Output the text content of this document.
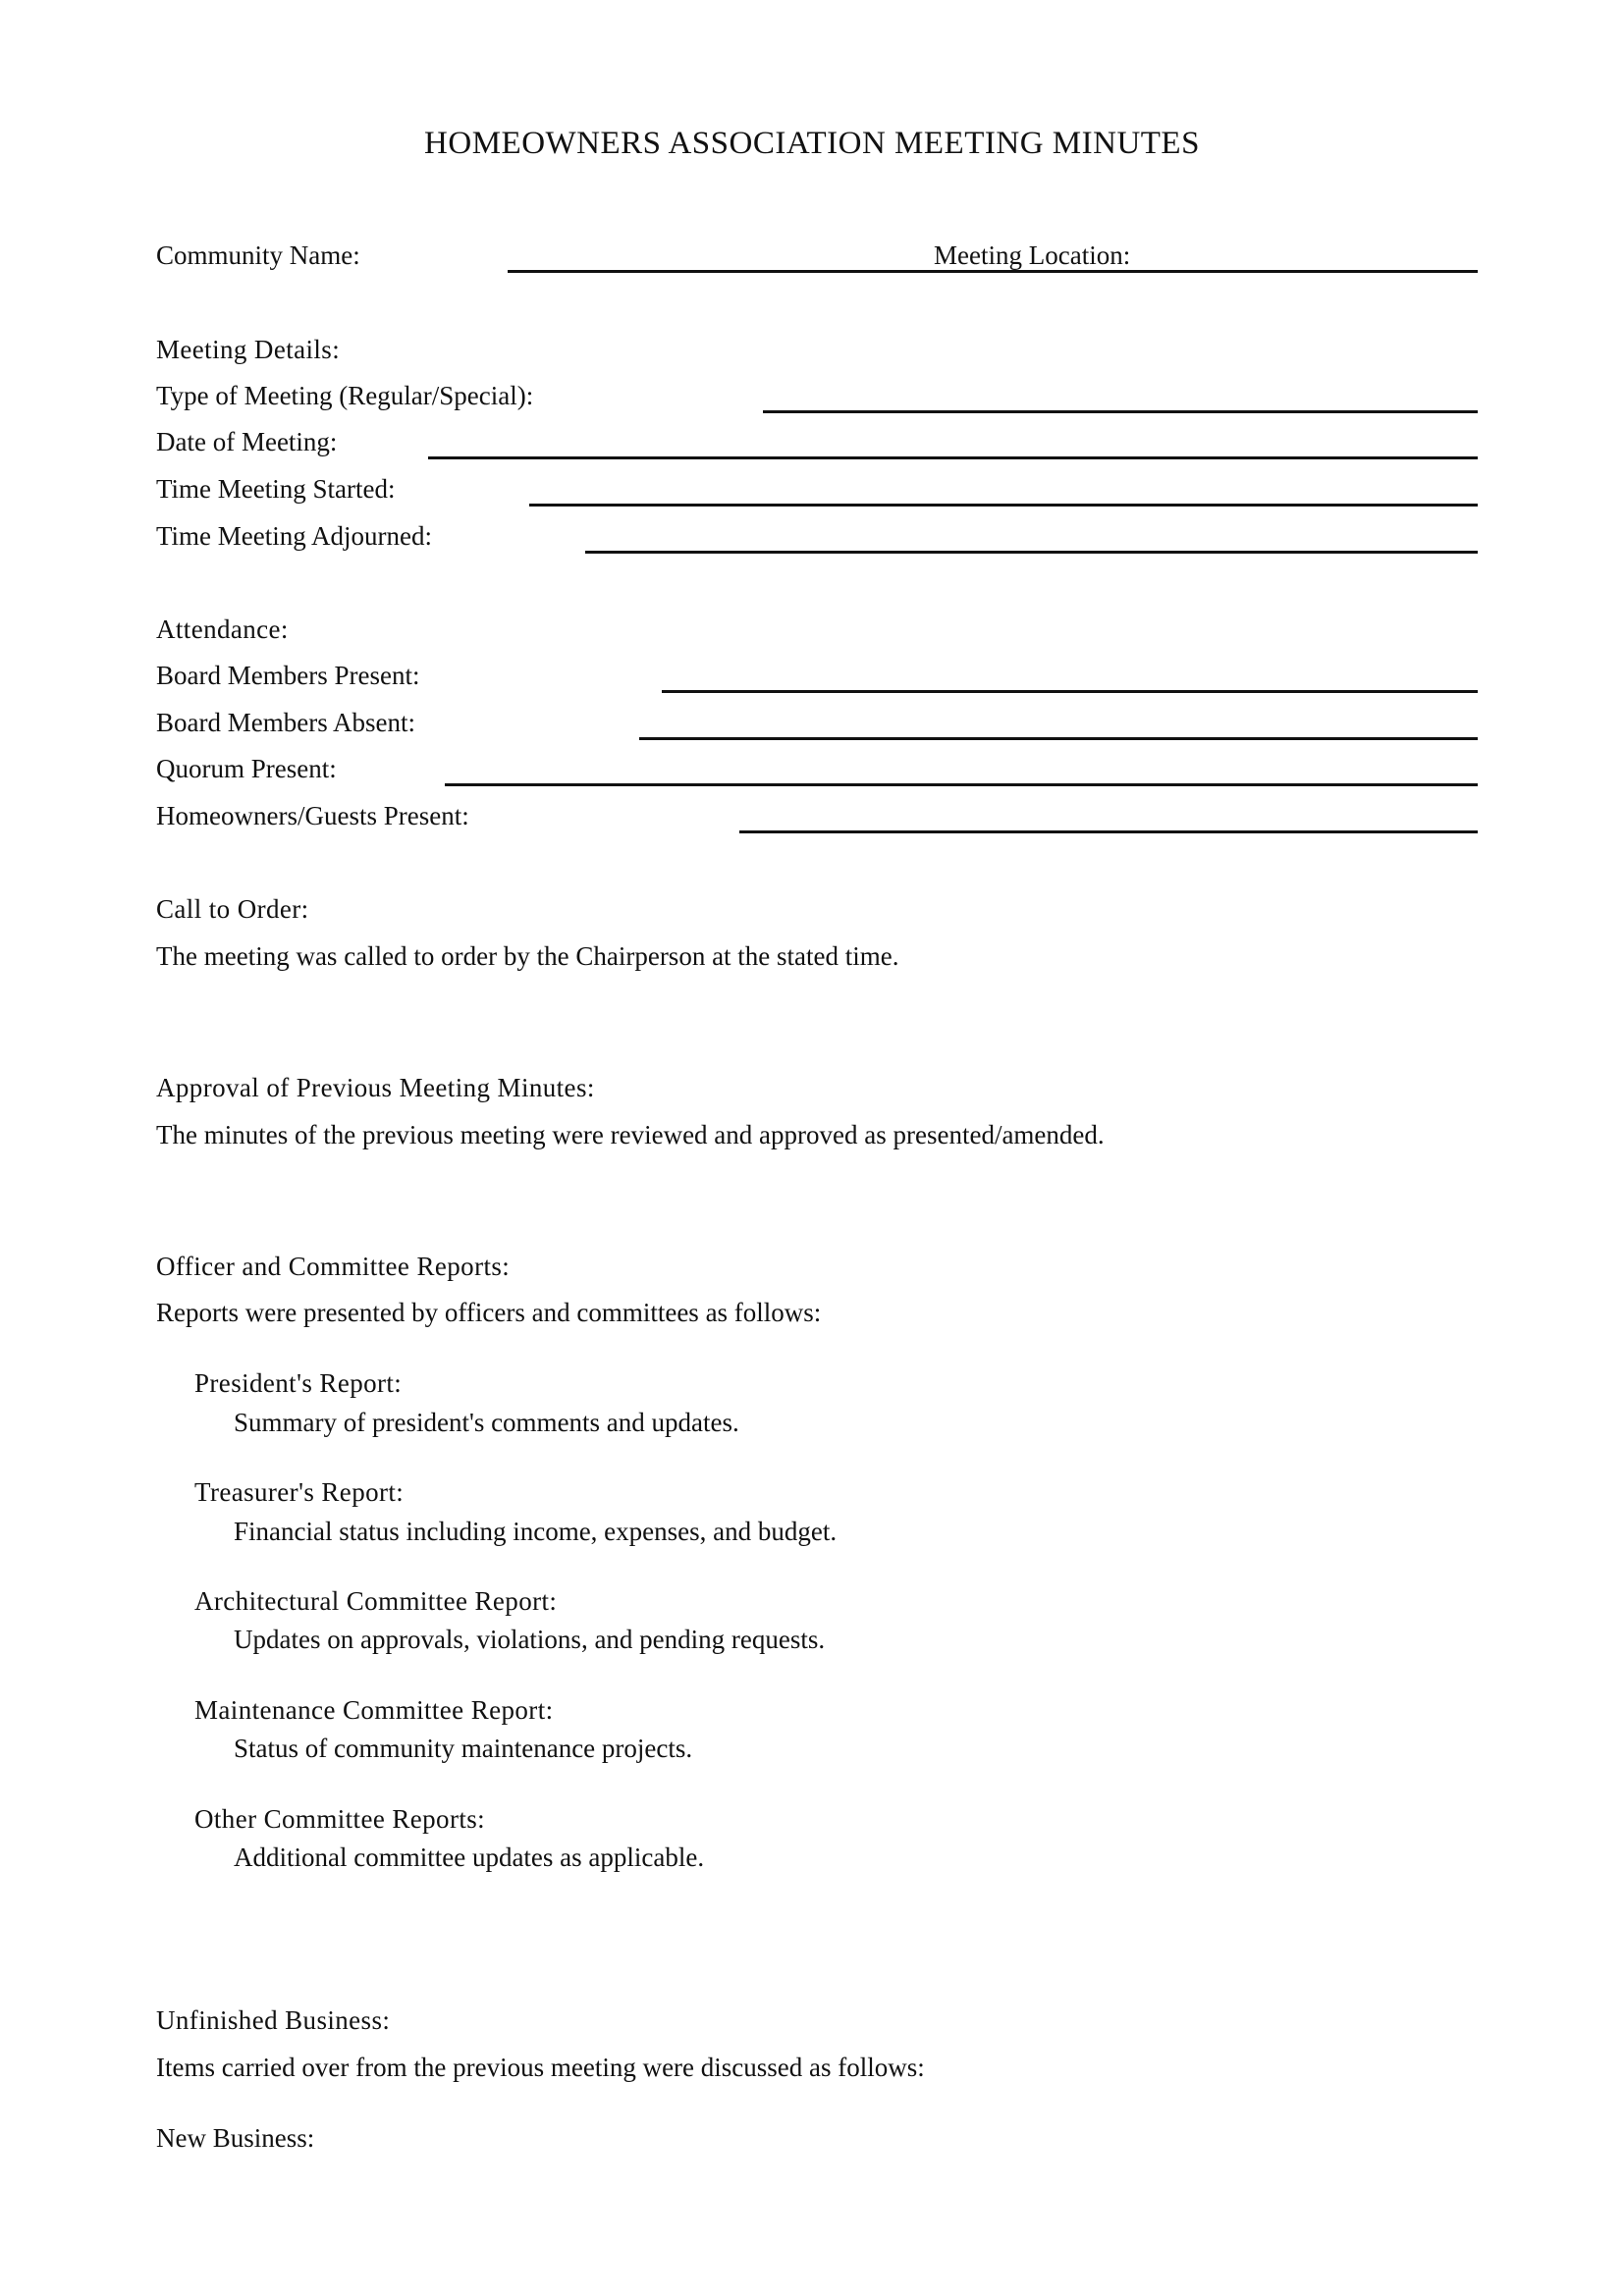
HOMEOWNERS ASSOCIATION MEETING MINUTES
Community Name:	Meeting Location:
Meeting Details:
Type of Meeting (Regular/Special):
Date of Meeting:
Time Meeting Started:
Time Meeting Adjourned:
Attendance:
Board Members Present:
Board Members Absent:
Quorum Present:
Homeowners/Guests Present:
Call to Order:
The meeting was called to order by the Chairperson at the stated time.
Approval of Previous Meeting Minutes:
The minutes of the previous meeting were reviewed and approved as presented/amended.
Officer and Committee Reports:
Reports were presented by officers and committees as follows:
President's Report:
Summary of president's comments and updates.
Treasurer's Report:
Financial status including income, expenses, and budget.
Architectural Committee Report:
Updates on approvals, violations, and pending requests.
Maintenance Committee Report:
Status of community maintenance projects.
Other Committee Reports:
Additional committee updates as applicable.
Unfinished Business:
Items carried over from the previous meeting were discussed as follows:
New Business:
